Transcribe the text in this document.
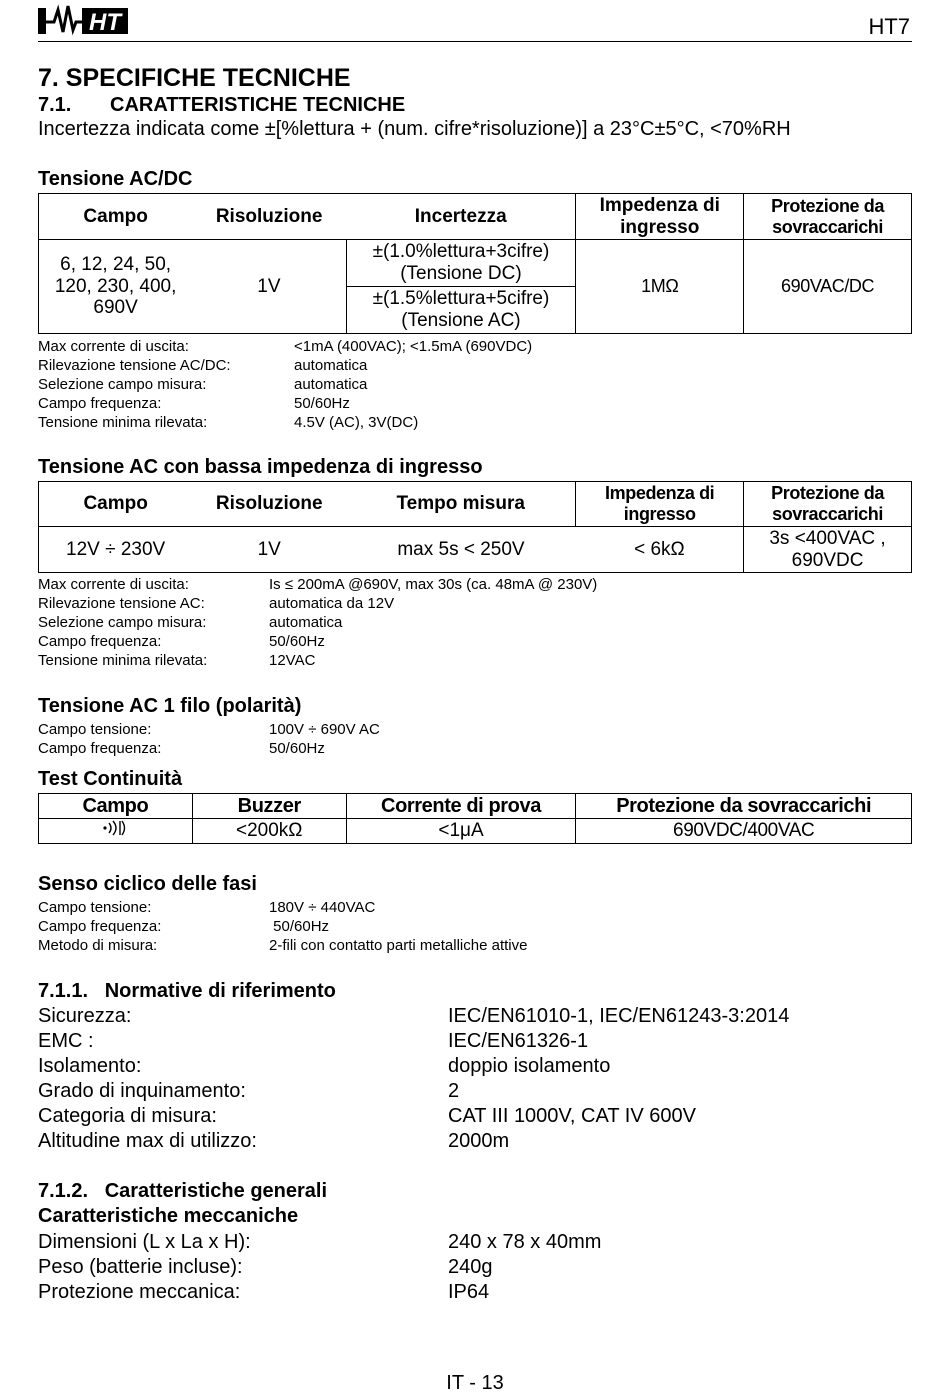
HT	HT7
7. SPECIFICHE TECNICHE
7.1. CARATTERISTICHE TECNICHE
Incertezza indicata come ±[%lettura + (num. cifre*risoluzione)] a 23°C±5°C, <70%RH
Tensione AC/DC
Campo	Risoluzione	Incertezza	Impedenza di ingresso	Protezione da sovraccarichi
6, 12, 24, 50, 120, 230, 400, 690V	1V	±(1.0%lettura+3cifre) (Tensione DC)	1MΩ	690VAC/DC
		±(1.5%lettura+5cifre) (Tensione AC)		
Max corrente di uscita:	<1mA (400VAC); <1.5mA (690VDC)
Rilevazione tensione AC/DC:	automatica
Selezione campo misura:	automatica
Campo frequenza:	50/60Hz
Tensione minima rilevata:	4.5V (AC), 3V(DC)
Tensione AC con bassa impedenza di ingresso
Campo	Risoluzione	Tempo misura	Impedenza di ingresso	Protezione da sovraccarichi
12V ÷ 230V	1V	max 5s < 250V	< 6kΩ	3s <400VAC , 690VDC
Max corrente di uscita:	Is ≤ 200mA @690V, max 30s (ca. 48mA @ 230V)
Rilevazione tensione AC:	automatica da 12V
Selezione campo misura:	automatica
Campo frequenza:	50/60Hz
Tensione minima rilevata:	12VAC
Tensione AC 1 filo (polarità)
Campo tensione:	100V ÷ 690V AC
Campo frequenza:	50/60Hz
Test Continuità
Campo	Buzzer	Corrente di prova	Protezione da sovraccarichi
	<200kΩ	<1μA	690VDC/400VAC
Senso ciclico delle fasi
Campo tensione:	180V ÷ 440VAC
Campo frequenza:	50/60Hz
Metodo di misura:	2-fili con contatto parti metalliche attive
7.1.1.   Normative di riferimento
Sicurezza:	IEC/EN61010-1, IEC/EN61243-3:2014
EMC :	IEC/EN61326-1
Isolamento:	doppio isolamento
Grado di inquinamento:	2
Categoria di misura:	CAT III 1000V, CAT IV 600V
Altitudine max di utilizzo:	2000m
7.1.2.   Caratteristiche generali
Caratteristiche meccaniche
Dimensioni (L x La x H):	240 x 78 x 40mm
Peso (batterie incluse):	240g
Protezione meccanica:	IP64
IT - 13
